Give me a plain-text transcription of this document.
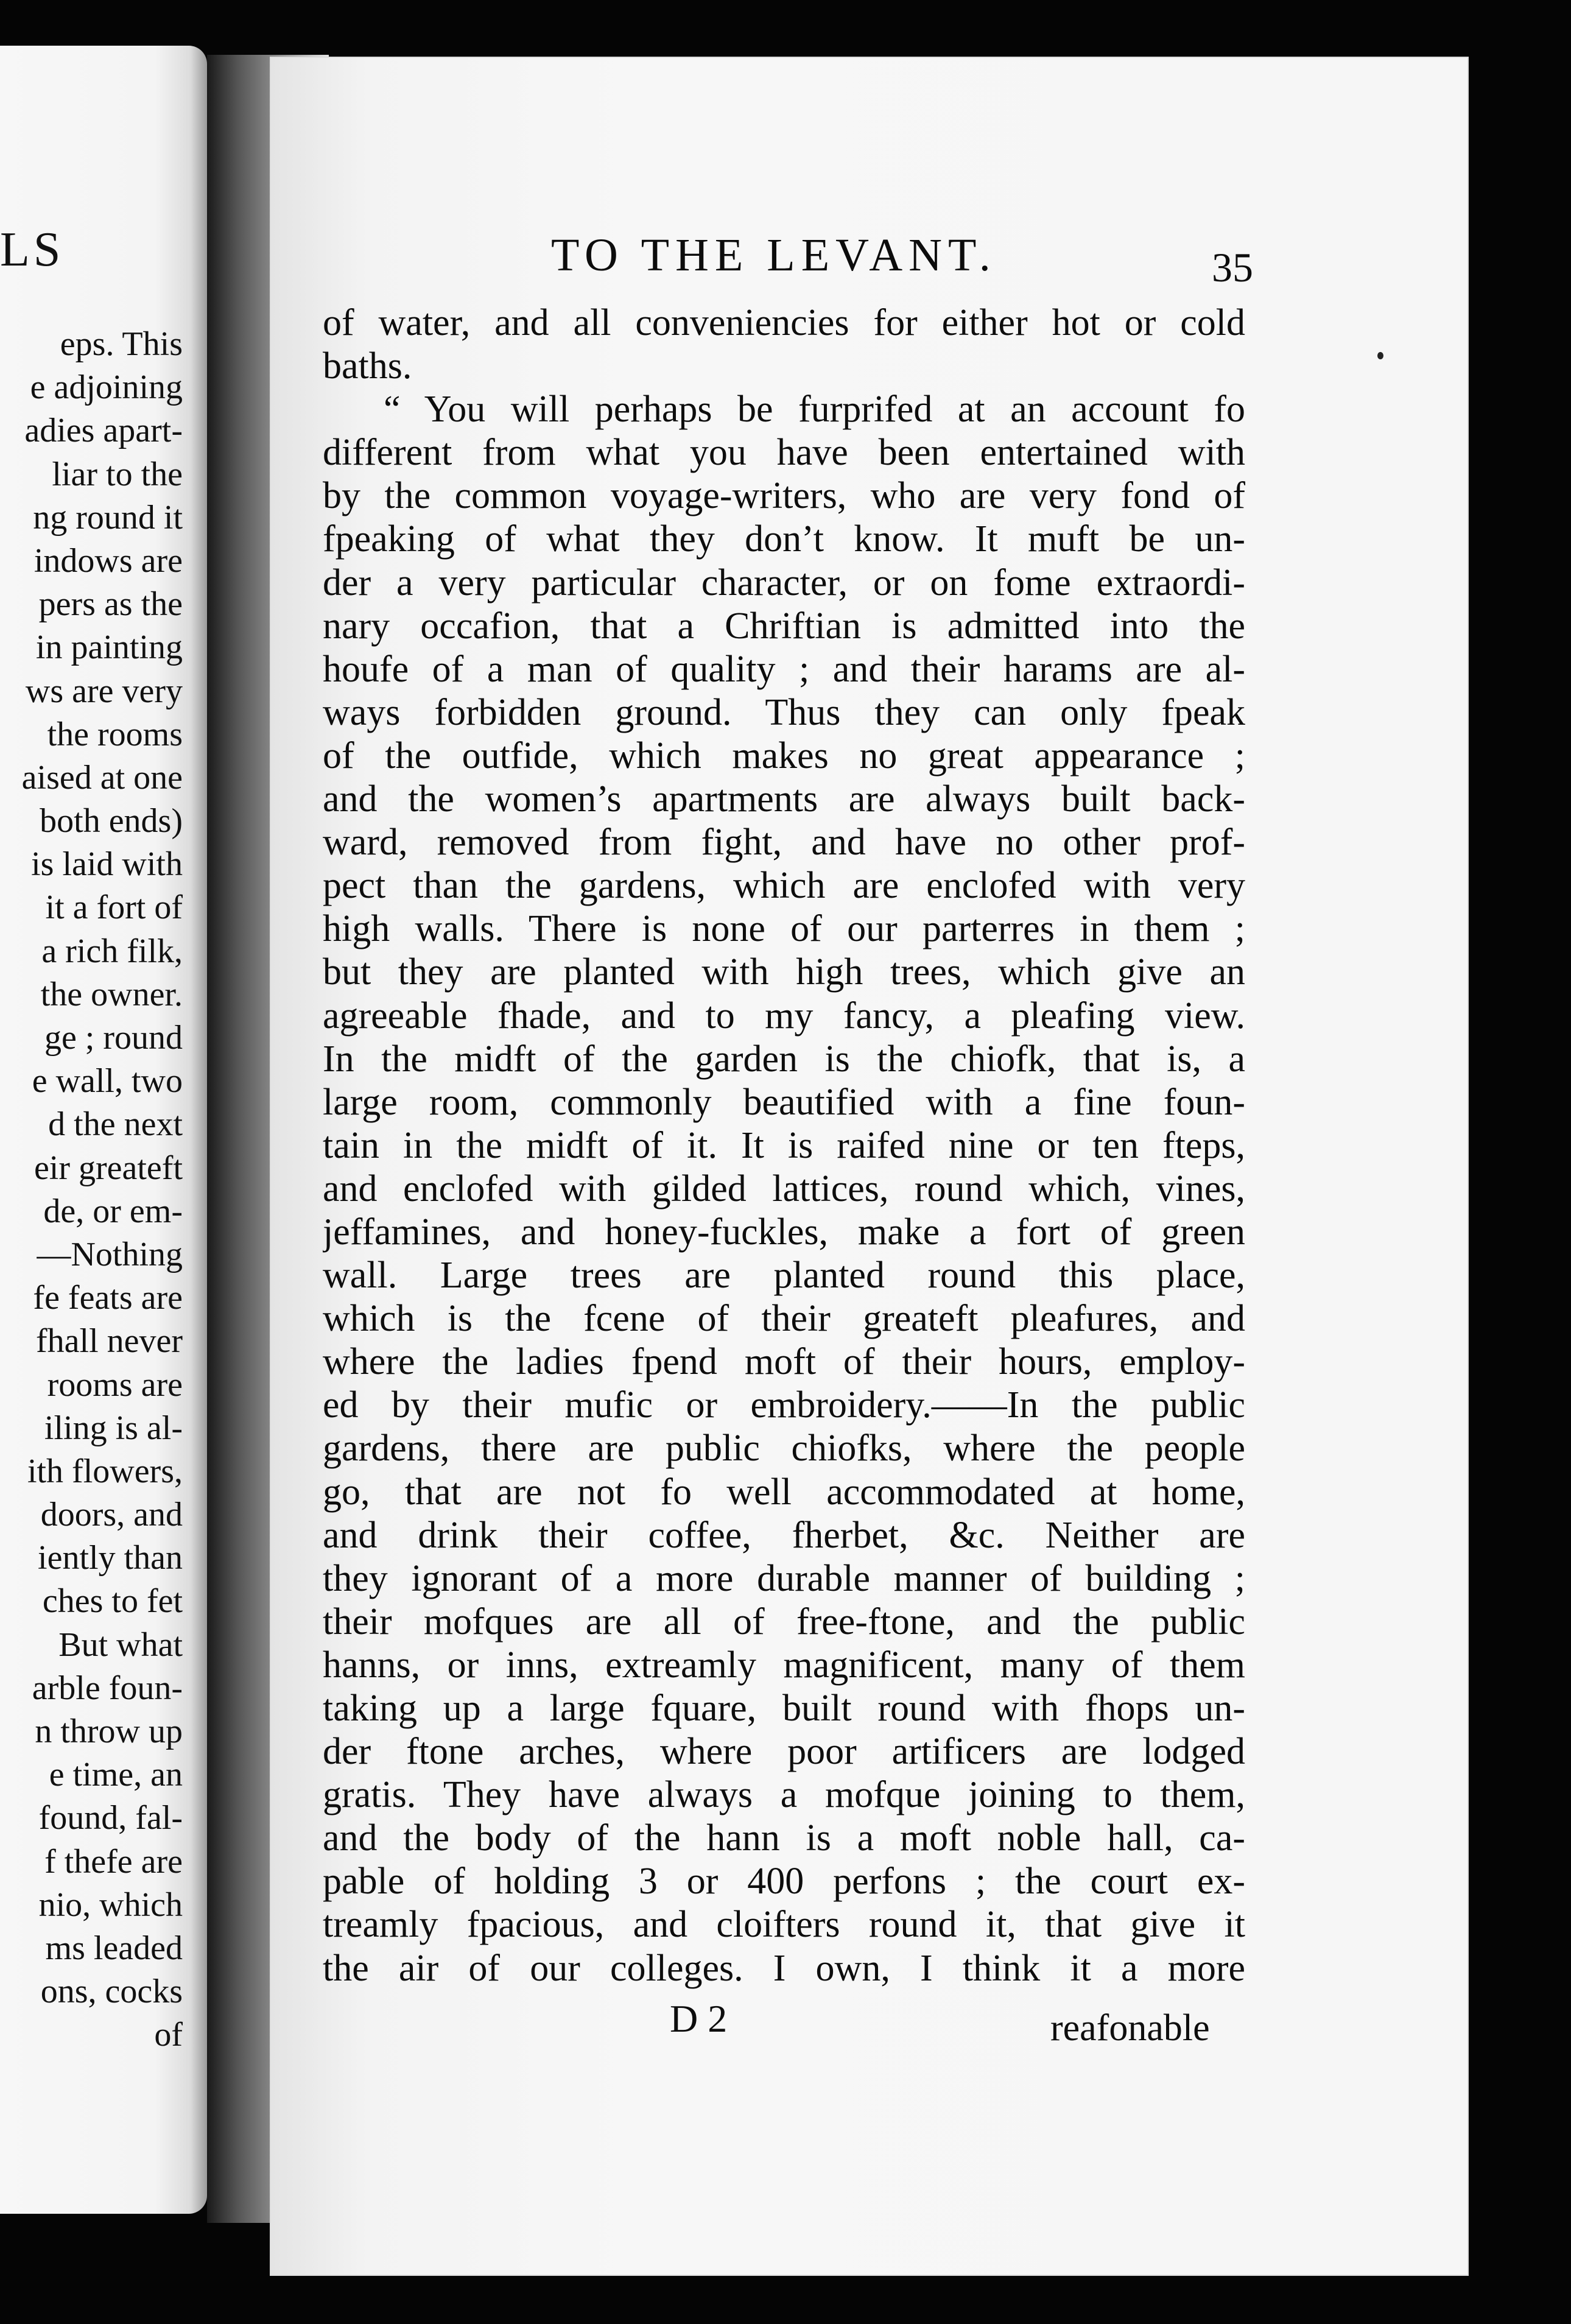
LS
eps. This
e adjoining
adies apart-
liar to the
ng round it
indows are
pers as the
in painting
ws are very
the rooms
aised at one
both ends)
is laid with
it a fort of
a rich filk,
the owner.
ge ; round
e wall, two
d the next
eir greateft
de, or em-
—Nothing
fe feats are
fhall never
rooms are
iling is al-
ith flowers,
doors, and
iently than
ches to fet
But what
arble foun-
n throw up
e time, an
found, fal-
f thefe are
nio, which
ms leaded
ons, cocks
of
TO THE LEVANT.	35
of water, and all conveniencies for either hot or cold
baths.
“ You will perhaps be furprifed at an account fo
different from what you have been entertained with
by the common voyage-writers, who are very fond of
fpeaking of what they don’t know. It muft be un-
der a very particular character, or on fome extraordi-
nary occafion, that a Chriftian is admitted into the
houfe of a man of quality ; and their harams are al-
ways forbidden ground. Thus they can only fpeak
of the outfide, which makes no great appearance ;
and the women’s apartments are always built back-
ward, removed from fight, and have no other prof-
pect than the gardens, which are enclofed with very
high walls. There is none of our parterres in them ;
but they are planted with high trees, which give an
agreeable fhade, and to my fancy, a pleafing view.
In the midft of the garden is the chiofk, that is, a
large room, commonly beautified with a fine foun-
tain in the midft of it. It is raifed nine or ten fteps,
and enclofed with gilded lattices, round which, vines,
jeffamines, and honey-fuckles, make a fort of green
wall. Large trees are planted round this place,
which is the fcene of their greateft pleafures, and
where the ladies fpend moft of their hours, employ-
ed by their mufic or embroidery.——In the public
gardens, there are public chiofks, where the people
go, that are not fo well accommodated at home,
and drink their coffee, fherbet, &c. Neither are
they ignorant of a more durable manner of building ;
their mofques are all of free-ftone, and the public
hanns, or inns, extreamly magnificent, many of them
taking up a large fquare, built round with fhops un-
der ftone arches, where poor artificers are lodged
gratis. They have always a mofque joining to them,
and the body of the hann is a moft noble hall, ca-
pable of holding 3 or 400 perfons ; the court ex-
treamly fpacious, and cloifters round it, that give it
the air of our colleges. I own, I think it a more
D 2	reafonable
